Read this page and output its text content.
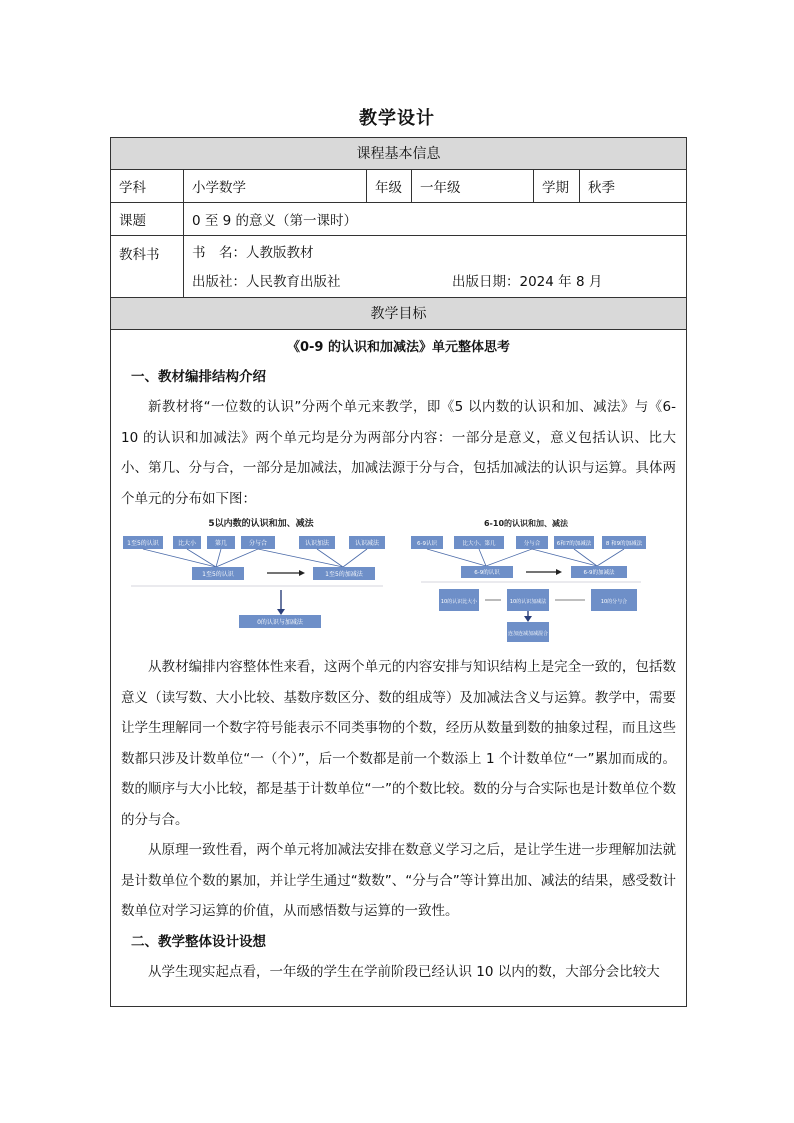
教学设计
课程基本信息
学科	小学数学	年级	一年级	学期	秋季
课题	0 至 9 的意义（第一课时）
教科书	书　名：人教版教材
出版社：人民教育出版社	出版日期：2024 年 8 月
教学目标
《0-9 的认识和加减法》单元整体思考

一、教材编排结构介绍

新教材将“一位数的认识”分两个单元来教学，即《5 以内数的认识和加、减法》与《6-10 的认识和加减法》两个单元均是分为两部分内容：一部分是意义，意义包括认识、比大小、第几、分与合，一部分是加减法，加减法源于分与合，包括加减法的认识与运算。具体两个单元的分布如下图：

5以内数的认识和加、减法
1至5的认识	比大小	第几	分与合	认识加法	认识减法
1至5的认识	1至5的加减法
0的认识与加减法
6-10的认识和加、减法
6-9认识	比大小、第几	分与合	6和7的加减法	8 和9的加减法
6-9的认识	6-9的加减法
10的认识比大小	10的认识加减法	10的分与合
连加连减加减混合

从教材编排内容整体性来看，这两个单元的内容安排与知识结构上是完全一致的，包括数意义（读写数、大小比较、基数序数区分、数的组成等）及加减法含义与运算。教学中，需要让学生理解同一个数字符号能表示不同类事物的个数，经历从数量到数的抽象过程，而且这些数都只涉及计数单位“一（个）”，后一个数都是前一个数添上 1 个计数单位“一”累加而成的。数的顺序与大小比较，都是基于计数单位“一”的个数比较。数的分与合实际也是计数单位个数的分与合。

从原理一致性看，两个单元将加减法安排在数意义学习之后，是让学生进一步理解加法就是计数单位个数的累加，并让学生通过“数数”、“分与合”等计算出加、减法的结果，感受数计数单位对学习运算的价值，从而感悟数与运算的一致性。

二、教学整体设计设想

从学生现实起点看，一年级的学生在学前阶段已经认识 10 以内的数，大部分会比较大
